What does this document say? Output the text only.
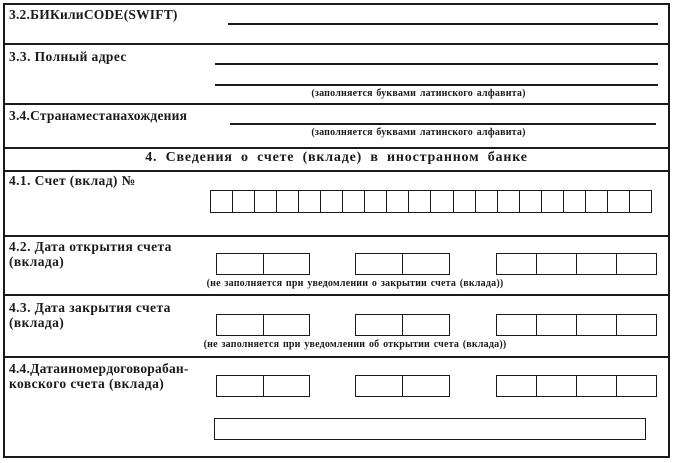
3.2. БИК или CODE (SWIFT)
3.3. Полный адрес
(заполняется буквами латинского алфавита)
3.4. Страна местанахождения
(заполняется буквами латинского алфавита)
4. Сведения о счете (вкладе) в иностранном банке
4.1. Счет (вклад) №
4.2. Дата открытия счета
(вклада)
(не заполняется при уведомлении о закрытии счета (вклада))
4.3. Дата закрытия счета
(вклада)
(не заполняется при уведомлении об открытии счета (вклада))
4.4. Дата и номер договора бан-
ковского счета (вклада)
